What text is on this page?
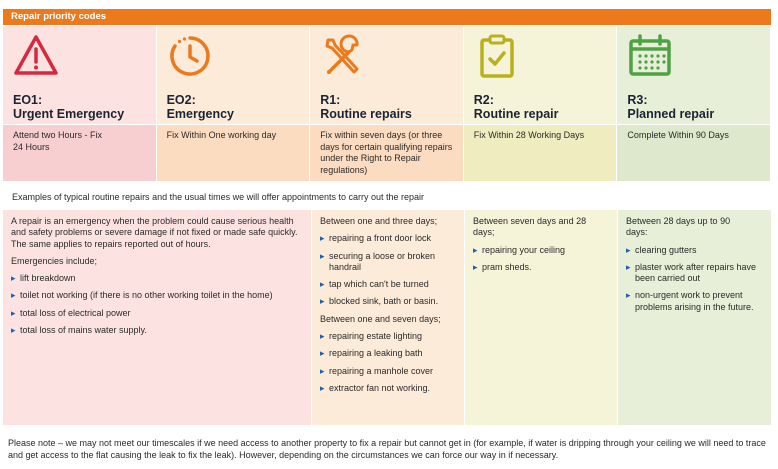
Repair priority codes
EO1:
Urgent Emergency
Attend two Hours - Fix 24 Hours
EO2:
Emergency
Fix Within One working day
R1:
Routine repairs
Fix within seven days (or three days for certain qualifying repairs under the Right to Repair regulations)
R2:
Routine repair
Fix Within 28 Working Days
R3:
Planned repair
Complete Within 90 Days
Examples of typical routine repairs and the usual times we will offer appointments to carry out the repair

A repair is an emergency when the problem could cause serious health and safety problems or severe damage if not fixed or made safe quickly. The same applies to repairs reported out of hours.

Emergencies include;

▸ lift breakdown
▸ toilet not working (if there is no other working toilet in the home)
▸ total loss of electrical power
▸ total loss of mains water supply.

Between one and three days;

▸ repairing a front door lock
▸ securing a loose or broken handrail
▸ tap which can't be turned
▸ blocked sink, bath or basin.

Between one and seven days;

▸ repairing estate lighting
▸ repairing a leaking bath
▸ repairing a manhole cover
▸ extractor fan not working.

Between seven days and 28 days;

▸ repairing your ceiling
▸ pram sheds.

Between 28 days up to 90 days:

▸ clearing gutters
▸ plaster work after repairs have been carried out
▸ non-urgent work to prevent problems arising in the future.
Please note – we may not meet our timescales if we need access to another property to fix a repair but cannot get in (for example, if water is dripping through your ceiling we will need to trace and get access to the flat causing the leak to fix the leak). However, depending on the circumstances we can force our way in if necessary.
